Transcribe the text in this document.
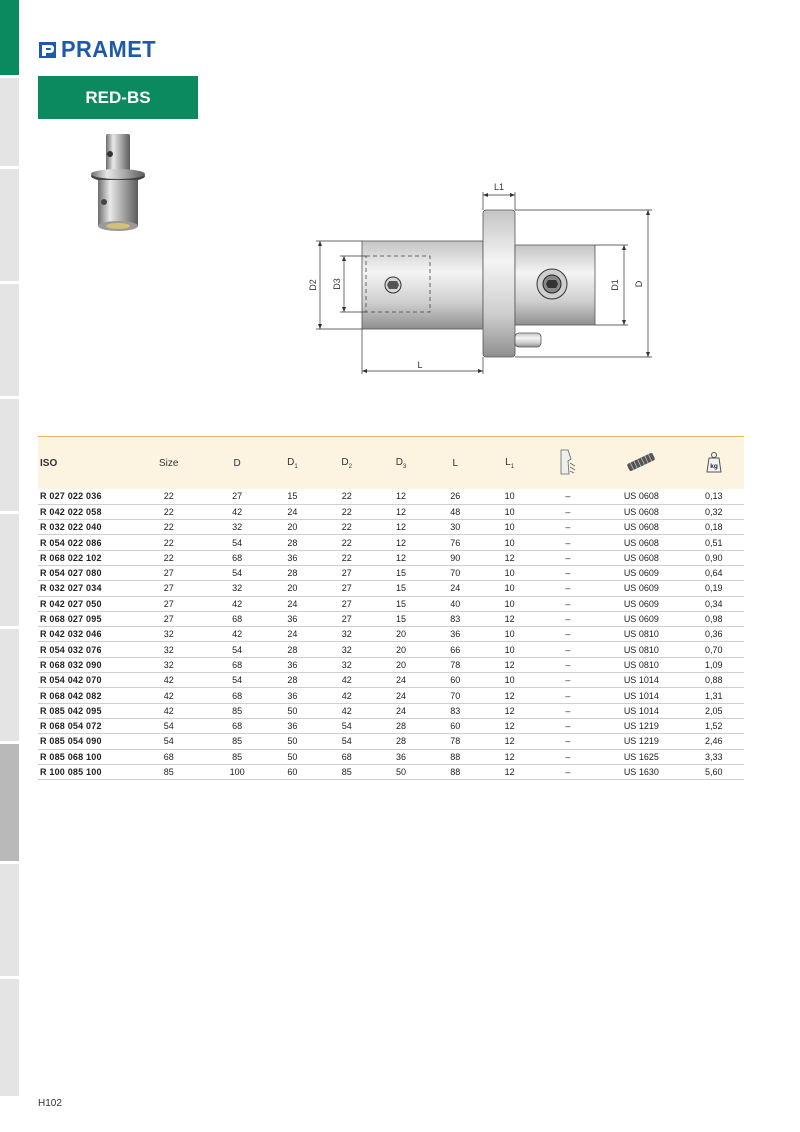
PRAMET
RED-BS
L
L1
D2 D3	D1 D
ISO	Size	D	$D_1$	$D_2$	$D_3$	L	$L_1$			kg

R 027 022 036	22	27	15	22	12	26	10	–	US 0608	0,13
R 042 022 058	22	42	24	22	12	48	10	–	US 0608	0,32
R 032 022 040	22	32	20	22	12	30	10	–	US 0608	0,18
R 054 022 086	22	54	28	22	12	76	10	–	US 0608	0,51
R 068 022 102	22	68	36	22	12	90	12	–	US 0608	0,90
R 054 027 080	27	54	28	27	15	70	10	–	US 0609	0,64
R 032 027 034	27	32	20	27	15	24	10	–	US 0609	0,19
R 042 027 050	27	42	24	27	15	40	10	–	US 0609	0,34
R 068 027 095	27	68	36	27	15	83	12	–	US 0609	0,98
R 042 032 046	32	42	24	32	20	36	10	–	US 0810	0,36
R 054 032 076	32	54	28	32	20	66	10	–	US 0810	0,70
R 068 032 090	32	68	36	32	20	78	12	–	US 0810	1,09
R 054 042 070	42	54	28	42	24	60	10	–	US 1014	0,88
R 068 042 082	42	68	36	42	24	70	12	–	US 1014	1,31
R 085 042 095	42	85	50	42	24	83	12	–	US 1014	2,05
R 068 054 072	54	68	36	54	28	60	12	–	US 1219	1,52
R 085 054 090	54	85	50	54	28	78	12	–	US 1219	2,46
R 085 068 100	68	85	50	68	36	88	12	–	US 1625	3,33
R 100 085 100	85	100	60	85	50	88	12	–	US 1630	5,60
H102
